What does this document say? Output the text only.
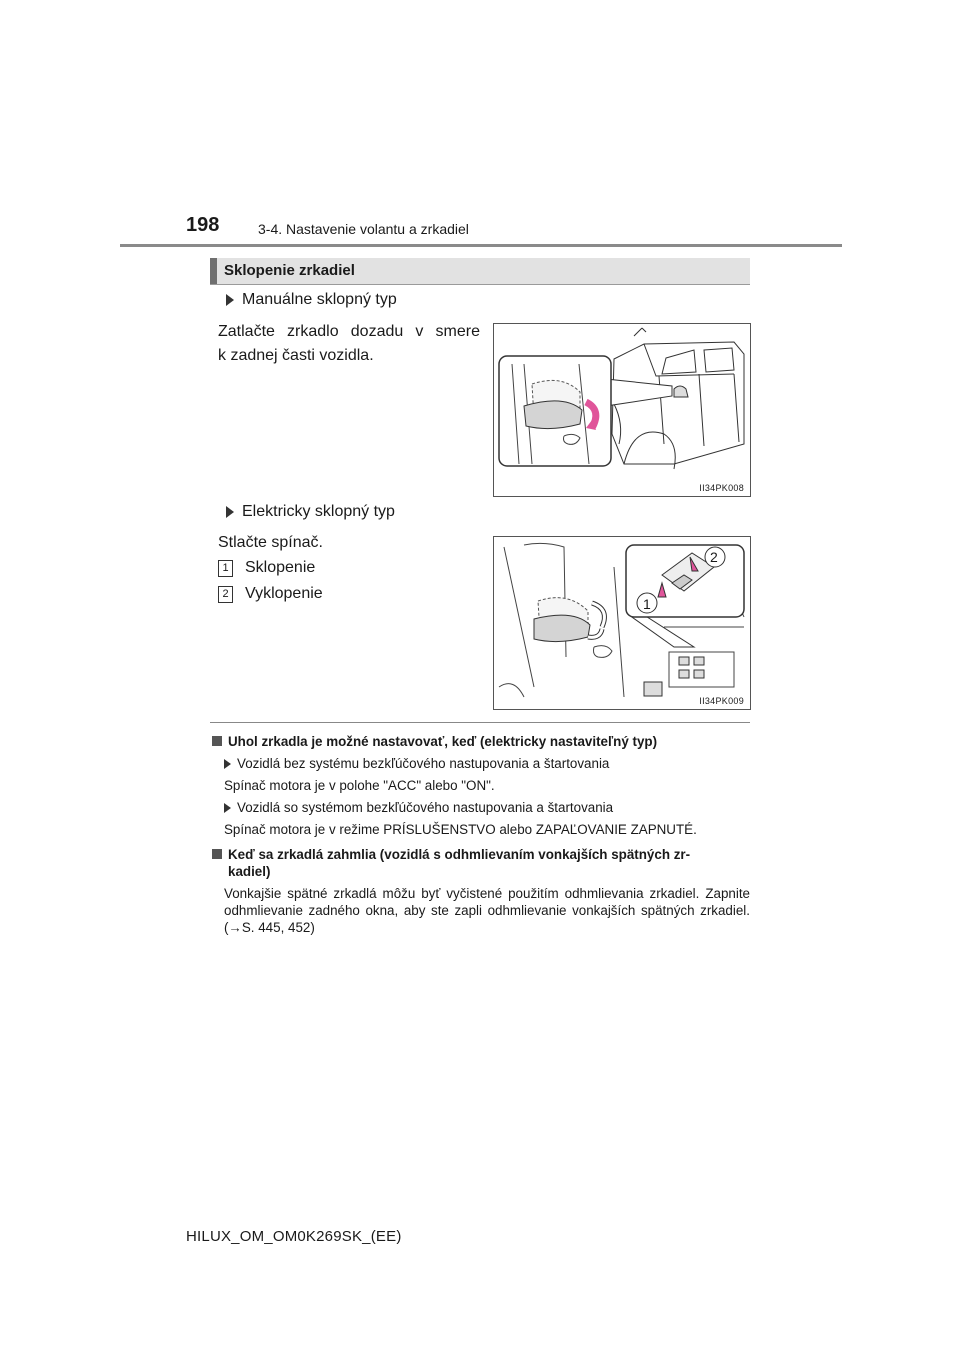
198	3-4. Nastavenie volantu a zrkadiel
Sklopenie zrkadiel
Manuálne sklopný typ
Zatlačte zrkadlo dozadu v smere
k zadnej časti vozidla.
II34PK008
Elektricky sklopný typ
Stlačte spínač.
1 Sklopenie
2 Vyklopenie
2
1
II34PK009
Uhol zrkadla je možné nastavovať, keď (elektricky nastaviteľný typ)
Vozidlá bez systému bezkľúčového nastupovania a štartovania
Spínač motora je v polohe "ACC" alebo "ON".
Vozidlá so systémom bezkľúčového nastupovania a štartovania
Spínač motora je v režime PRÍSLUŠENSTVO alebo ZAPAĽOVANIE ZAPNUTÉ.
Keď sa zrkadlá zahmlia (vozidlá s odhmlievaním vonkajších spätných zr-
kadiel)
Vonkajšie spätné zrkadlá môžu byť vyčistené použitím odhmlievania zrkadiel. Zapnite odhmlievanie zadného okna, aby ste zapli odhmlievanie vonkajších spätných zrkadiel. (→S. 445, 452)
HILUX_OM_OM0K269SK_(EE)
